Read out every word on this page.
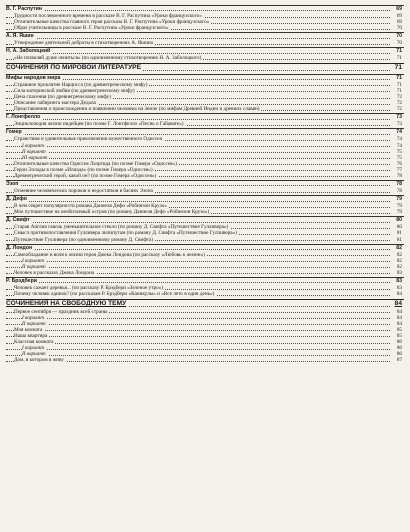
В. Г. Распутин	69
Трудности послевоенного времени в рассказе В. Г. Распутина «Уроки французского»	69
Отличительные качества главного героя рассказа В. Г. Распутина «Уроки французского»	69
Образ учительницы в рассказе В. Г. Распутина «Уроки французского»	70
А. Я. Яшин	70
Утверждение деятельной доброты в стихотворениях А. Яшина	70
Н. А. Заболоцкий	71
«Не позволяй душе лениться» (по одноименному стихотворению Н. А. Заболоцкого)	71
СОЧИНЕНИЯ ПО МИРОВОЙ ЛИТЕРАТУРЕ	71
Мифы народов мира	71
Страшное проклятие Нарцисса (по древнегреческому мифу)	71
Сила материнской любви (по древнегреческому мифу)	71
Цена спасения (по древнегреческому мифу)	72
Описание лабиринта мастера Дедала	72
Представления о происхождении и появлении человека на Земле (по мифам Древней Индии и древних славян)	72
Г. Лонгфелло	73
Энциклопедия жизни индейцев (по поэме Г. Лонгфелло «Песнь о Гайавате»)	73
Гомер	74
Странствия и удивительные приключения мужественного Одиссея	74
I вариант	74
II вариант	75
III вариант	75
Отличительные качества Одиссея Лаэртида (по поэме Гомера «Одиссея»)	76
Герои Эллады в поэме «Илиада» (по поэме Гомера «Одиссея»)	77
Древнегреческий герой, какой он? (по поэме Гомера «Одиссея»)	78
Эзоп	78
Осмеяние человеческих пороков и недостатков в баснях Эзопа	78
Д. Дефо	79
В чем секрет популярности романа Даниеля Дефо «Робинзон Крузо»	79
Мое путешествие на необитаемый остров (по роману Даниеля Дефо «Робинзон Крузо»)	79
Д. Свифт	80
Старая Англия сквозь уменьшительное стекло (по роману Д. Свифта «Путешествие Гулливера»)	80
Смысл противопоставления Гулливера лилипутам (по роману Д. Свифта «Путешествие Гулливера»)	81
Путешествие Гулливера (по одноименному роману Д. Свифта)	81
Д. Лондон	82
Самообладание и воля к жизни героя Джека Лондона (по рассказу «Любовь к жизни»)	82
I вариант	82
II вариант	82
Человек в рассказах Джека Лондона	83
Р. Брэдбери	83
Человек сажает деревья... (по рассказу Р. Брэдбери «Зеленое утро»)	83
Почему человек одинок? (по рассказам Р. Брэдбери «Каникулы» и «Все лето в один день»)	84
СОЧИНЕНИЯ НА СВОБОДНУЮ ТЕМУ	84
Первое сентября — праздник всей страны	84
I вариант	84
II вариант	84
Моя комната	85
Наша квартира	85
Классная комната	86
I вариант	86
II вариант	86
Дом, в котором я живу	87
